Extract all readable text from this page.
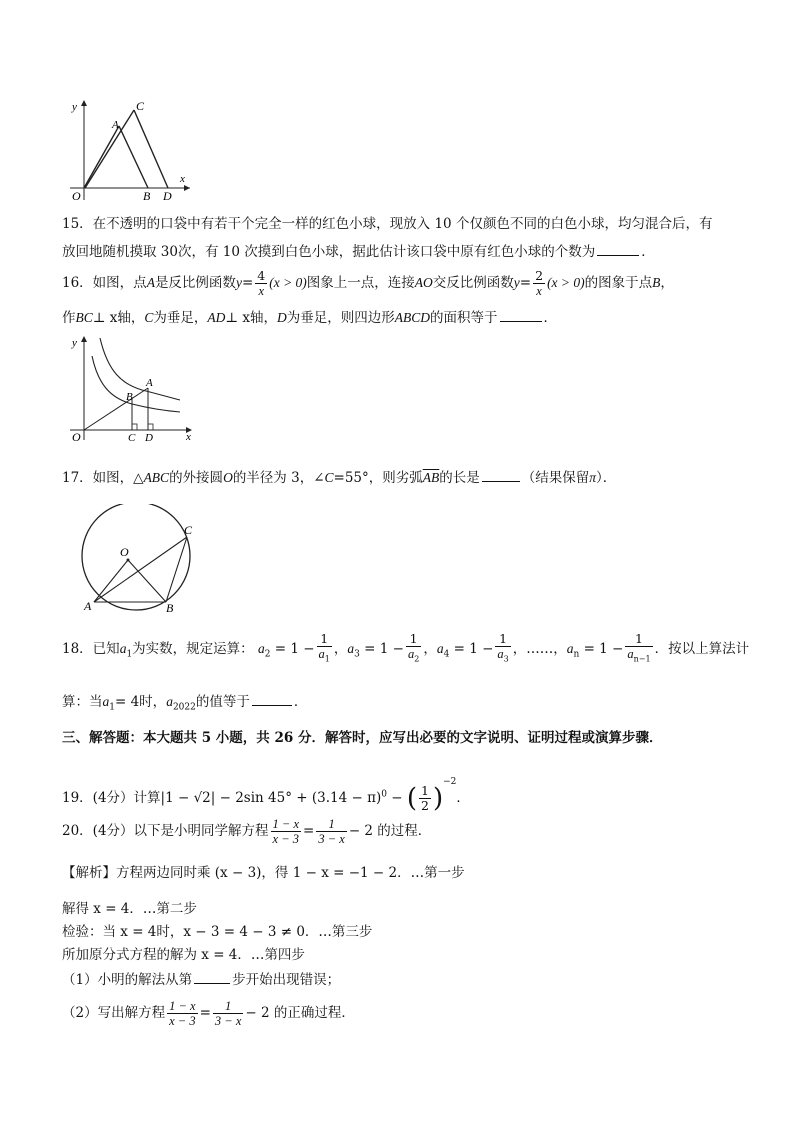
y	C
A
x
O	B D
15．在不透明的口袋中有若干个完全一样的红色小球，现放入 10 个仅颜色不同的白色小球，均匀混合后，有
放回地随机摸取 30次，有 10 次摸到白色小球，据此估计该口袋中原有红色小球的个数为	．
16．如图，点A是反比例函数$y= \frac{4}{x} (x > 0)$图象上一点，连接AO交反比例函数$y= \frac{2}{x} (x > 0)$的图象于点B，
作BC⊥ x轴，C为垂足，AD⊥ x轴，D为垂足，则四边形ABCD的面积等于	．
y
A
B
O	C D	x
17．如图，△ABC的外接圆O的半径为 3，∠C=55°，则劣弧$\overline{AB}$的长是	（结果保留π）．
O
C
A	B
18．已知$a_1$为实数，规定运算： $a_2 = 1 - \frac{1}{a_1}$ ，$a_3 = 1 - \frac{1}{a_2}$ ，$a_4 = 1 - \frac{1}{a_3}$ ，……，$a_n = 1 - \frac{1}{a_{n-1}}$ ．按以上算法计
算：当$a_1= 4$时，$a_{2022}$的值等于	．
三、解答题：本大题共 5 小题，共 26 分．解答时，应写出必要的文字说明、证明过程或演算步骤．
19．(4分）计算|1 − √2| − 2sin $45^\circ + (3.14 - \pi)^0$ − ( $\frac{1}{2} )^{-2}$．
20．(4分）以下是小明同学解方程 $\frac{1 - x}{x - 3} = \frac{1}{3 - x} - 2$ 的过程．
【解析】方程两边同时乘 (x − 3)，得 1 − x = −1 − 2．…第一步
解得 x = 4．…第二步
检验：当 x = 4时，x − 3 = 4 − 3 ≠ 0．…第三步
所加原分式方程的解为 x = 4．…第四步
（1）小明的解法从第	步开始出现错误；
（2）写出解方程 $\frac{1 - x}{x - 3} = \frac{1}{3 - x} - 2$ 的正确过程．
